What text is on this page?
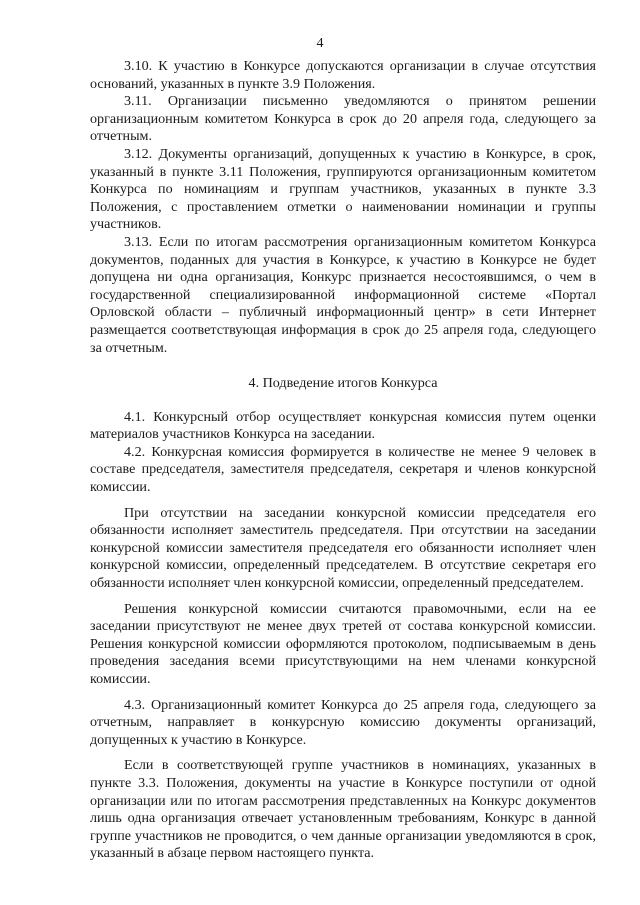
4

3.10. К участию в Конкурсе допускаются организации в случае отсутствия оснований, указанных в пункте 3.9 Положения.

3.11. Организации письменно уведомляются о принятом решении организационным комитетом Конкурса в срок до 20 апреля года, следующего за отчетным.

3.12. Документы организаций, допущенных к участию в Конкурсе, в срок, указанный в пункте 3.11 Положения, группируются организационным комитетом Конкурса по номинациям и группам участников, указанных в пункте 3.3 Положения, с проставлением отметки о наименовании номинации и группы участников.

3.13. Если по итогам рассмотрения организационным комитетом Конкурса документов, поданных для участия в Конкурсе, к участию в Конкурсе не будет допущена ни одна организация, Конкурс признается несостоявшимся, о чем в государственной специализированной информационной системе «Портал Орловской области – публичный информационный центр» в сети Интернет размещается соответствующая информация в срок до 25 апреля года, следующего за отчетным.

4. Подведение итогов Конкурса

4.1. Конкурсный отбор осуществляет конкурсная комиссия путем оценки материалов участников Конкурса на заседании.

4.2. Конкурсная комиссия формируется в количестве не менее 9 человек в составе председателя, заместителя председателя, секретаря и членов конкурсной комиссии.

При отсутствии на заседании конкурсной комиссии председателя его обязанности исполняет заместитель председателя. При отсутствии на заседании конкурсной комиссии заместителя председателя его обязанности исполняет член конкурсной комиссии, определенный председателем. В отсутствие секретаря его обязанности исполняет член конкурсной комиссии, определенный председателем.

Решения конкурсной комиссии считаются правомочными, если на ее заседании присутствуют не менее двух третей от состава конкурсной комиссии. Решения конкурсной комиссии оформляются протоколом, подписываемым в день проведения заседания всеми присутствующими на нем членами конкурсной комиссии.

4.3. Организационный комитет Конкурса до 25 апреля года, следующего за отчетным, направляет в конкурсную комиссию документы организаций, допущенных к участию в Конкурсе.

Если в соответствующей группе участников в номинациях, указанных в пункте 3.3. Положения, документы на участие в Конкурсе поступили от одной организации или по итогам рассмотрения представленных на Конкурс документов лишь одна организация отвечает установленным требованиям, Конкурс в данной группе участников не проводится, о чем данные организации уведомляются в срок, указанный в абзаце первом настоящего пункта.
